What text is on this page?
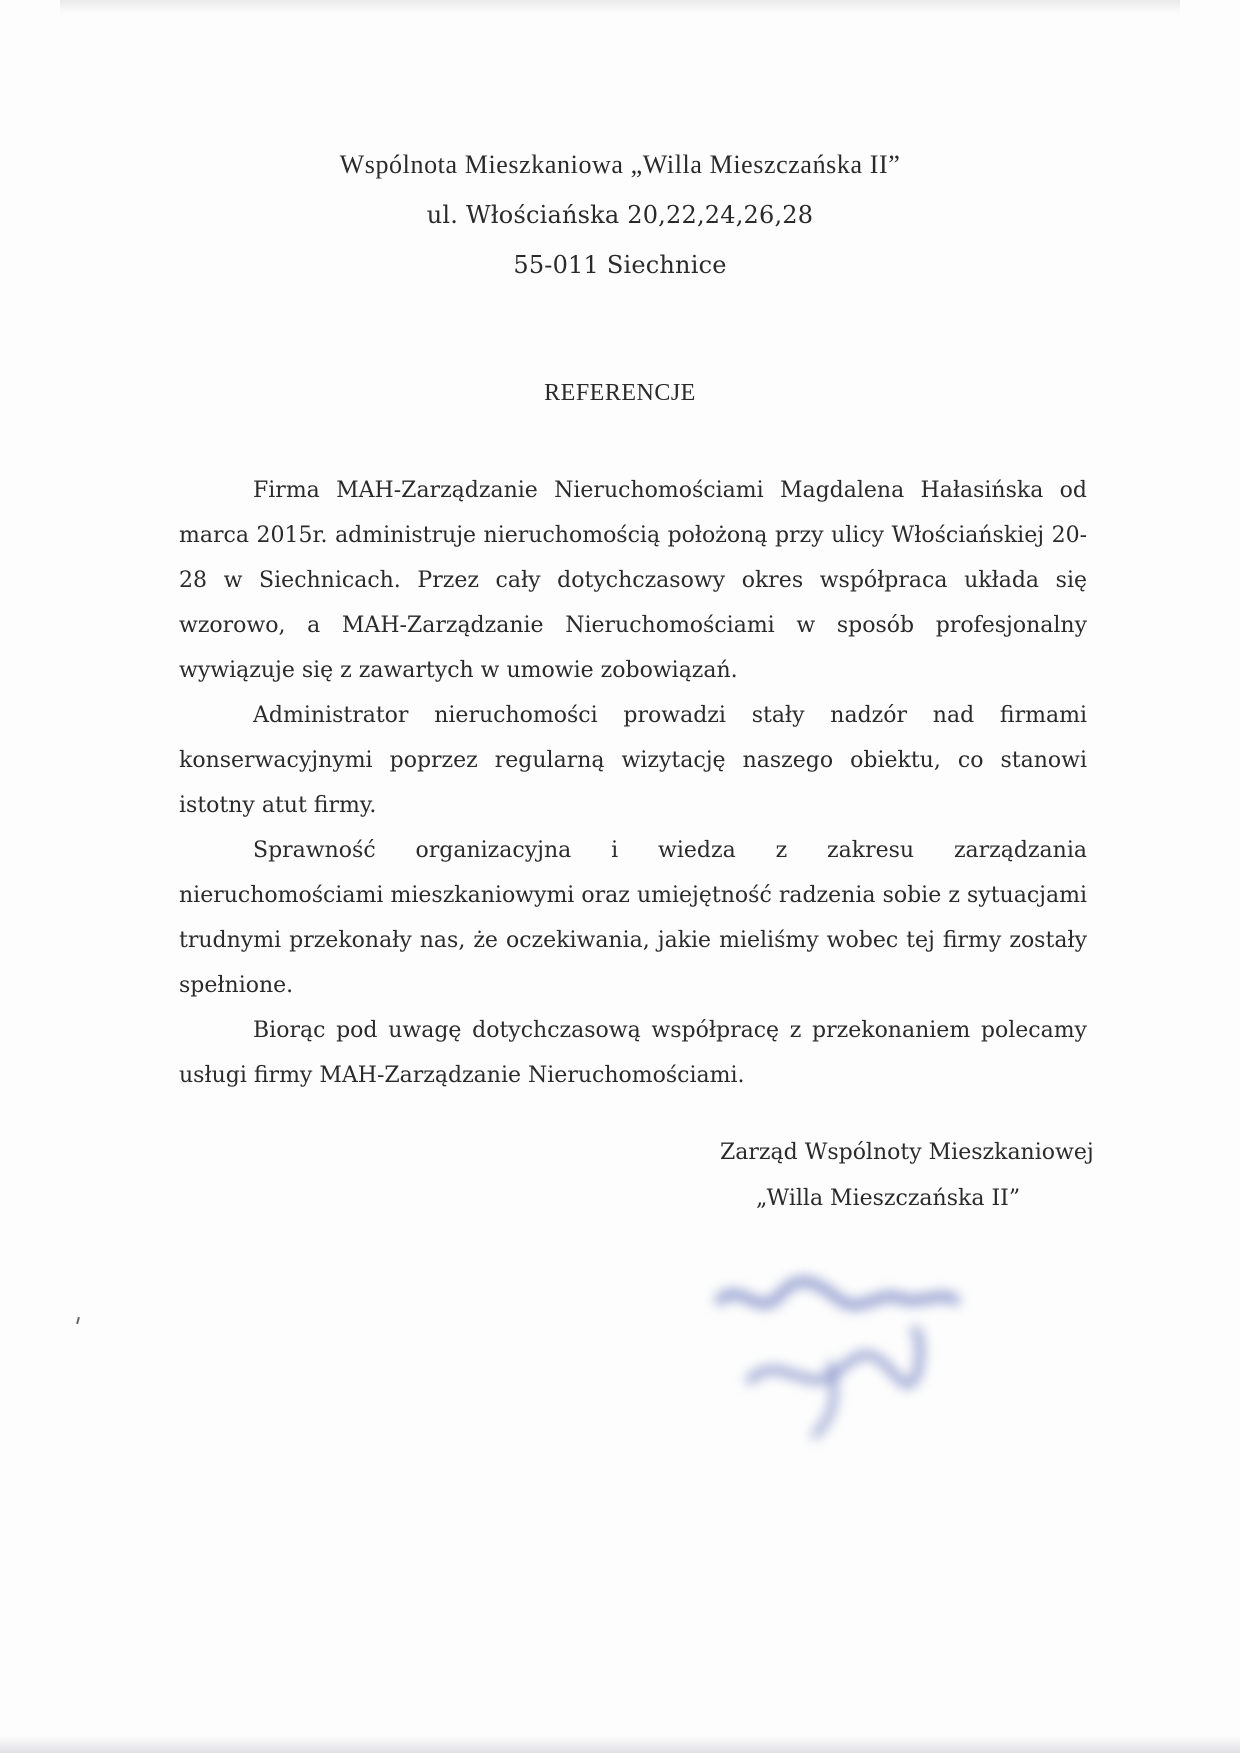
Wspólnota Mieszkaniowa „Willa Mieszczańska II”
ul. Włościańska 20,22,24,26,28
55-011 Siechnice
REFERENCJE

Firma MAH-Zarządzanie Nieruchomościami Magdalena Hałasińska od marca 2015r. administruje nieruchomością położoną przy ulicy Włościańskiej 20-28 w Siechnicach. Przez cały dotychczasowy okres współpraca układa się wzorowo, a MAH-Zarządzanie Nieruchomościami w sposób profesjonalny wywiązuje się z zawartych w umowie zobowiązań.

Administrator nieruchomości prowadzi stały nadzór nad firmami konserwacyjnymi poprzez regularną wizytację naszego obiektu, co stanowi istotny atut firmy.

Sprawność organizacyjna i wiedza z zakresu zarządzania nieruchomościami mieszkaniowymi oraz umiejętność radzenia sobie z sytuacjami trudnymi przekonały nas, że oczekiwania, jakie mieliśmy wobec tej firmy zostały spełnione.

Biorąc pod uwagę dotychczasową współpracę z przekonaniem polecamy usługi firmy MAH-Zarządzanie Nieruchomościami.

Zarząd Wspólnoty Mieszkaniowej
„Willa Mieszczańska II”
